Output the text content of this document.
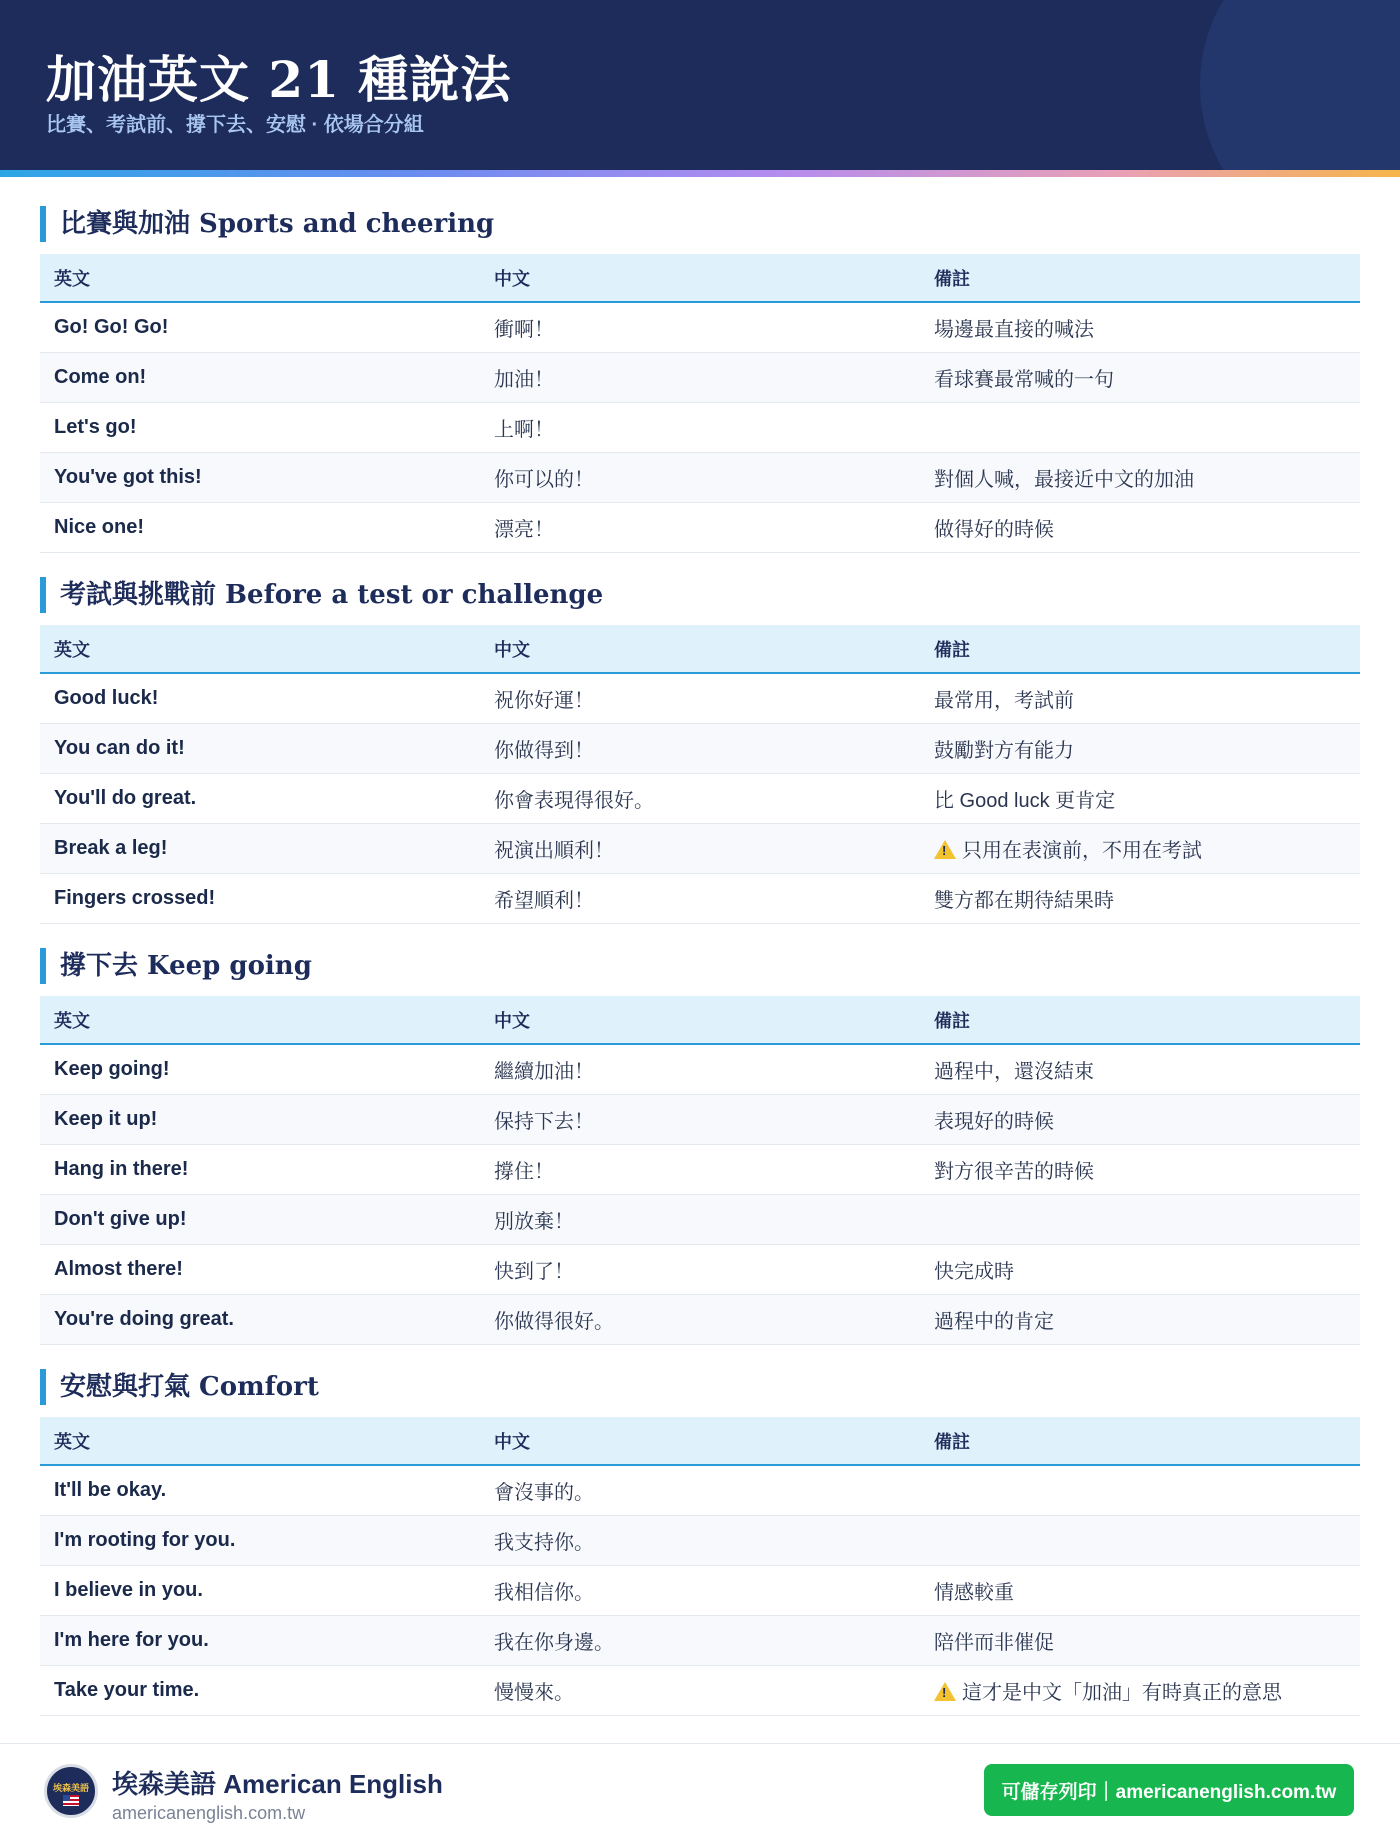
加油英文 21 種說法
比賽、考試前、撐下去、安慰 · 依場合分組
比賽與加油 Sports and cheering
英文	中文	備註
Go! Go! Go!	衝啊！	場邊最直接的喊法
Come on!	加油！	看球賽最常喊的一句
Let's go!	上啊！	
You've got this!	你可以的！	對個人喊，最接近中文的加油
Nice one!	漂亮！	做得好的時候
考試與挑戰前 Before a test or challenge
英文	中文	備註
Good luck!	祝你好運！	最常用，考試前
You can do it!	你做得到！	鼓勵對方有能力
You'll do great.	你會表現得很好。	比 Good luck 更肯定
Break a leg!	祝演出順利！	!只用在表演前，不用在考試
Fingers crossed!	希望順利！	雙方都在期待結果時
撐下去 Keep going
英文	中文	備註
Keep going!	繼續加油！	過程中，還沒結束
Keep it up!	保持下去！	表現好的時候
Hang in there!	撐住！	對方很辛苦的時候
Don't give up!	別放棄！	
Almost there!	快到了！	快完成時
You're doing great.	你做得很好。	過程中的肯定
安慰與打氣 Comfort
英文	中文	備註
It'll be okay.	會沒事的。	
I'm rooting for you.	我支持你。	
I believe in you.	我相信你。	情感較重
I'm here for you.	我在你身邊。	陪伴而非催促
Take your time.	慢慢來。	!這才是中文「加油」有時真正的意思
埃森美語 埃森美語 American English
americanenglish.com.tw
可儲存列印｜americanenglish.com.tw
